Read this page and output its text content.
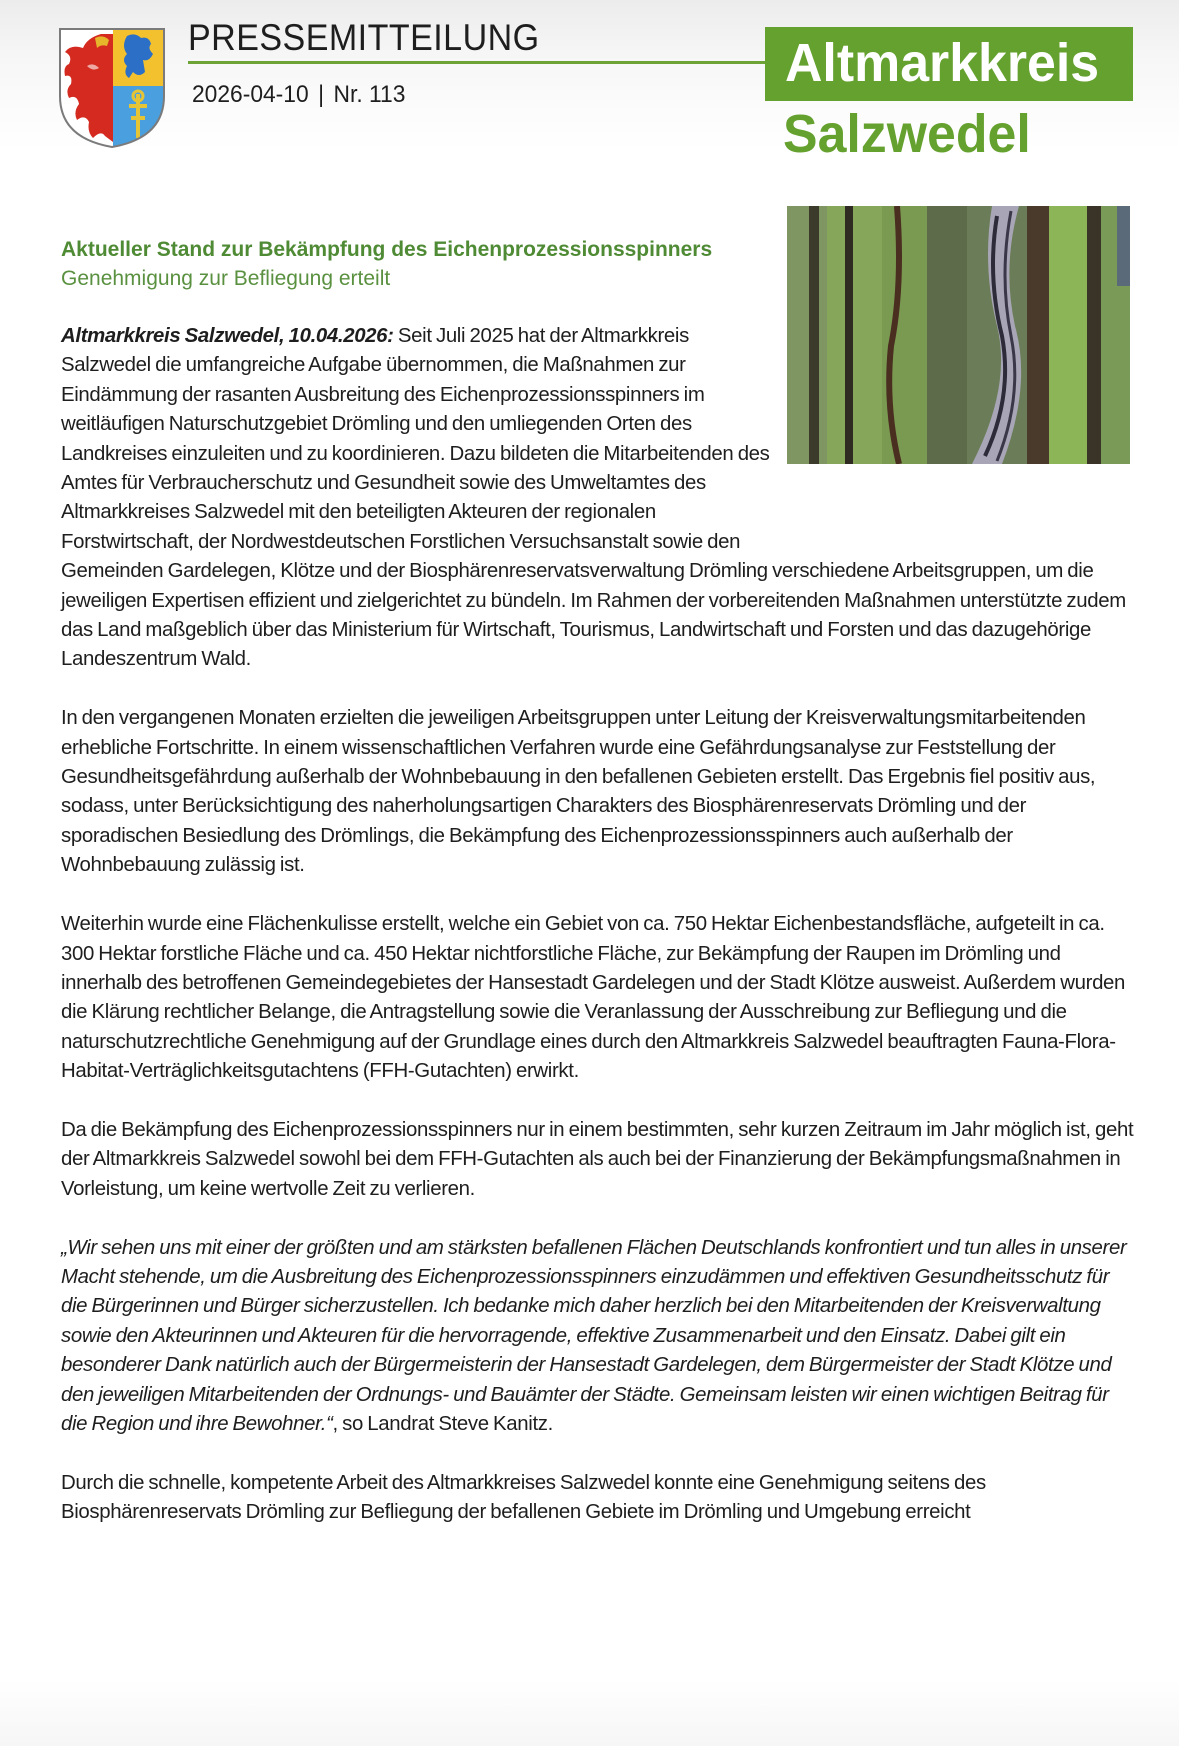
PRESSEMITTEILUNG
2026-04-10 | Nr. 113
Altmarkkreis
Salzwedel

Aktueller Stand zur Bekämpfung des Eichenprozessionsspinners

Genehmigung zur Befliegung erteilt

Altmarkkreis Salzwedel, 10.04.2026: Seit Juli 2025 hat der Altmarkkreis Salzwedel die umfangreiche Aufgabe übernommen, die Maßnahmen zur Eindämmung der rasanten Ausbreitung des Eichenprozessionsspinners im weitläufigen Naturschutzgebiet Drömling und den umliegenden Orten des Landkreises einzuleiten und zu koordinieren. Dazu bildeten die Mitarbeitenden des Amtes für Verbraucherschutz und Gesundheit sowie des Umweltamtes des Altmarkkreises Salzwedel mit den beteiligten Akteuren der regionalen Forstwirtschaft, der Nordwestdeutschen Forstlichen Versuchsanstalt sowie den Gemeinden Gardelegen, Klötze und der Biosphärenreservatsverwaltung Drömling verschiedene Arbeitsgruppen, um die jeweiligen Expertisen effizient und zielgerichtet zu bündeln. Im Rahmen der vorbereitenden Maßnahmen unterstützte zudem das Land maßgeblich über das Ministerium für Wirtschaft, Tourismus, Landwirtschaft und Forsten und das dazugehörige Landeszentrum Wald.

In den vergangenen Monaten erzielten die jeweiligen Arbeitsgruppen unter Leitung der Kreisverwaltungsmitarbeitenden erhebliche Fortschritte. In einem wissenschaftlichen Verfahren wurde eine Gefährdungsanalyse zur Feststellung der Gesundheitsgefährdung außerhalb der Wohnbebauung in den befallenen Gebieten erstellt. Das Ergebnis fiel positiv aus, sodass, unter Berücksichtigung des naherholungsartigen Charakters des Biosphärenreservats Drömling und der sporadischen Besiedlung des Drömlings, die Bekämpfung des Eichenprozessionsspinners auch außerhalb der Wohnbebauung zulässig ist.

Weiterhin wurde eine Flächenkulisse erstellt, welche ein Gebiet von ca. 750 Hektar Eichenbestandsfläche, aufgeteilt in ca. 300 Hektar forstliche Fläche und ca. 450 Hektar nichtforstliche Fläche, zur Bekämpfung der Raupen im Drömling und innerhalb des betroffenen Gemeindegebietes der Hansestadt Gardelegen und der Stadt Klötze ausweist. Außerdem wurden die Klärung rechtlicher Belange, die Antragstellung sowie die Veranlassung der Ausschreibung zur Befliegung und die naturschutzrechtliche Genehmigung auf der Grundlage eines durch den Altmarkkreis Salzwedel beauftragten Fauna-Flora-Habitat-Verträglichkeitsgutachtens (FFH-Gutachten) erwirkt.

Da die Bekämpfung des Eichenprozessionsspinners nur in einem bestimmten, sehr kurzen Zeitraum im Jahr möglich ist, geht der Altmarkkreis Salzwedel sowohl bei dem FFH-Gutachten als auch bei der Finanzierung der Bekämpfungsmaßnahmen in Vorleistung, um keine wertvolle Zeit zu verlieren.

„Wir sehen uns mit einer der größten und am stärksten befallenen Flächen Deutschlands konfrontiert und tun alles in unserer Macht stehende, um die Ausbreitung des Eichenprozessionsspinners einzudämmen und effektiven Gesundheitsschutz für die Bürgerinnen und Bürger sicherzustellen. Ich bedanke mich daher herzlich bei den Mitarbeitenden der Kreisverwaltung sowie den Akteurinnen und Akteuren für die hervorragende, effektive Zusammenarbeit und den Einsatz. Dabei gilt ein besonderer Dank natürlich auch der Bürgermeisterin der Hansestadt Gardelegen, dem Bürgermeister der Stadt Klötze und den jeweiligen Mitarbeitenden der Ordnungs- und Bauämter der Städte. Gemeinsam leisten wir einen wichtigen Beitrag für die Region und ihre Bewohner.“, so Landrat Steve Kanitz.

Durch die schnelle, kompetente Arbeit des Altmarkkreises Salzwedel konnte eine Genehmigung seitens des Biosphärenreservats Drömling zur Befliegung der befallenen Gebiete im Drömling und Umgebung erreicht
